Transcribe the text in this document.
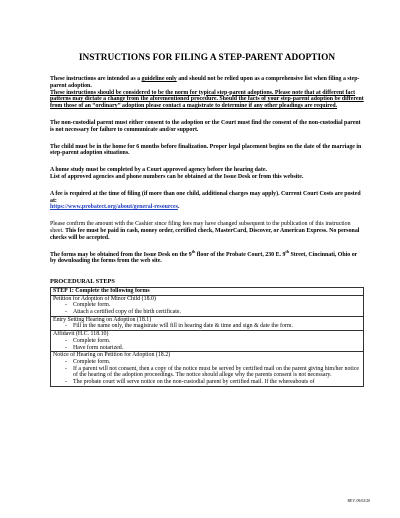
INSTRUCTIONS FOR FILING A STEP-PARENT ADOPTION

These instructions are intended as a guideline only and should not be relied upon as a comprehensive list when filing a step-parent adoption.
These instructions should be considered to be the norm for typical step-parent adoptions. Please note that at different fact patterns may dictate a change from the aforementioned procedure. Should the facts of your step-parent adoption be different from those of an “ordinary” adoption please contact a magistrate to determine if any other pleadings are required.

The non-custodial parent must either consent to the adoption or the Court must find the consent of the non-custodial parent is not necessary for failure to communicate and/or support.

The child must be in the home for 6 months before finalization. Proper legal placement begins on the date of the marriage in step-parent adoption situations.

A home study must be completed by a Court approved agency before the hearing date.
List of approved agencies and phone numbers can be obtained at the Issue Desk or from this website.

A fee is required at the time of filing (if more than one child, additional charges may apply). Current Court Costs are posted at:
https://www.probatect.org/about/general-resources.

Please confirm the amount with the Cashier since filing fees may have changed subsequent to the publication of this instruction sheet. This fee must be paid in cash, money order, certified check, MasterCard, Discover, or American Express. No personal checks will be accepted.

The forms may be obtained from the Issue Desk on the 9th floor of the Probate Court, 230 E. 9th Street, Cincinnati, Ohio or by downloading the forms from the web site.

PROCEDURAL STEPS
STEP 1: Complete the following forms

Petition for Adoption of Minor Child (18.0)
-	Complete form.
-	Attach a certified copy of the birth certificate.

Entry Setting Hearing on Adoption (18.1)
-	Fill in the name only, the magistrate will fill in hearing date & time and sign & date the form.

Affidavit (H.C. 118.10)
-	Complete form.
-	Have form notarized.

Notice of Hearing on Petition for Adoption (18.2)
-	Complete form.
-	If a parent will not consent, then a copy of the notice must be served by certified mail on the parent giving him/her notice of the hearing of the adoption proceedings. The notice should allege why the parents consent is not necessary.
-	The probate court will serve notice on the non-custodial parent by certified mail. If the whereabouts of
REV. 09/02/20
